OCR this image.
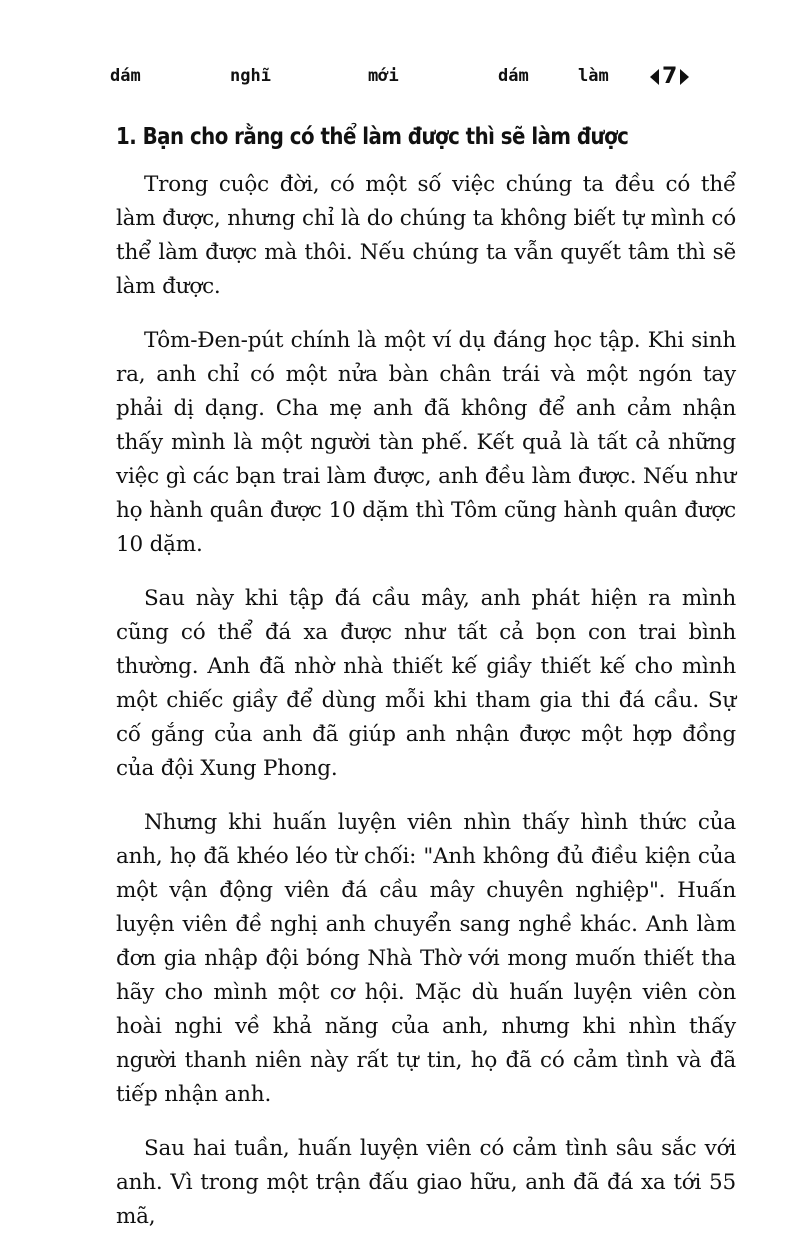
dám	nghĩ	mới	dám	làm 7
1. Bạn cho rằng có thể làm được thì sẽ làm được

Trong cuộc đời, có một số việc chúng ta đều có thể làm được, nhưng chỉ là do chúng ta không biết tự mình có thể làm được mà thôi. Nếu chúng ta vẫn quyết tâm thì sẽ làm được.

Tôm-Đen-pút chính là một ví dụ đáng học tập. Khi sinh ra, anh chỉ có một nửa bàn chân trái và một ngón tay phải dị dạng. Cha mẹ anh đã không để anh cảm nhận thấy mình là một người tàn phế. Kết quả là tất cả những việc gì các bạn trai làm được, anh đều làm được. Nếu như họ hành quân được 10 dặm thì Tôm cũng hành quân được 10 dặm.

Sau này khi tập đá cầu mây, anh phát hiện ra mình cũng có thể đá xa được như tất cả bọn con trai bình thường. Anh đã nhờ nhà thiết kế giầy thiết kế cho mình một chiếc giầy để dùng mỗi khi tham gia thi đá cầu. Sự cố gắng của anh đã giúp anh nhận được một hợp đồng của đội Xung Phong.

Nhưng khi huấn luyện viên nhìn thấy hình thức của anh, họ đã khéo léo từ chối: "Anh không đủ điều kiện của một vận động viên đá cầu mây chuyên nghiệp". Huấn luyện viên đề nghị anh chuyển sang nghề khác. Anh làm đơn gia nhập đội bóng Nhà Thờ với mong muốn thiết tha hãy cho mình một cơ hội. Mặc dù huấn luyện viên còn hoài nghi về khả năng của anh, nhưng khi nhìn thấy người thanh niên này rất tự tin, họ đã có cảm tình và đã tiếp nhận anh.

Sau hai tuần, huấn luyện viên có cảm tình sâu sắc với anh. Vì trong một trận đấu giao hữu, anh đã đá xa tới 55 mã,
